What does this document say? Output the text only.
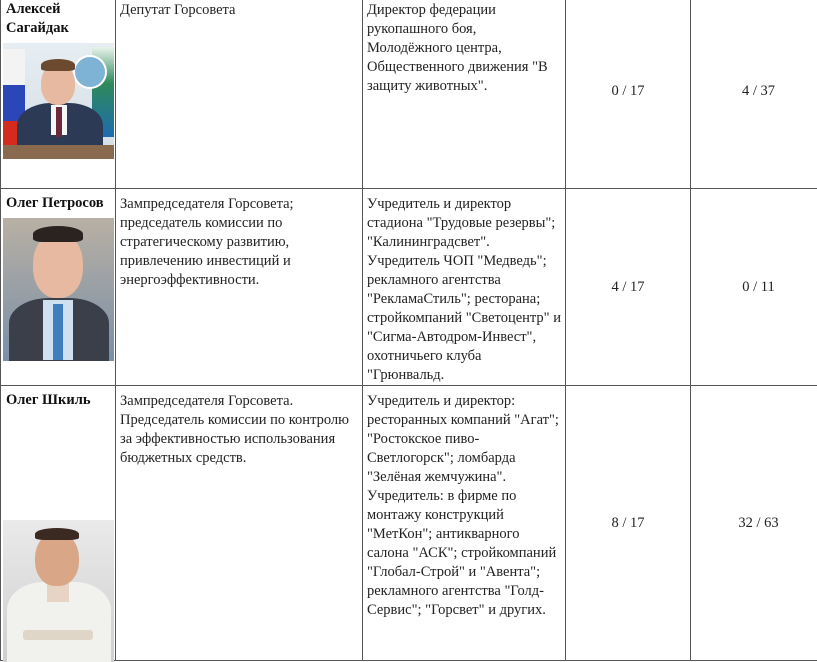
Алексей Сагайдак	Депутат Горсовета	Директор федерации рукопашного боя, Молодёжного центра, Общественного движения "В защиту животных".	0 / 17	4 / 37

Олег Петросов	Зампредседателя Горсовета; председатель комиссии по стратегическому развитию, привлечению инвестиций и энергоэффективности.	Учредитель и директор стадиона "Трудовые резервы"; "Калининградсвет". Учредитель ЧОП "Медведь"; рекламного агентства "РекламаСтиль"; ресторана; стройкомпаний "Светоцентр" и "Сигма-Автодром-Инвест", охотничьего клуба "Грюнвальд.	4 / 17	0 / 11

Олег Шкиль	Зампредседателя Горсовета. Председатель комиссии по контролю за эффективностью использования бюджетных средств.	Учредитель и директор: ресторанных компаний "Агат"; "Ростокское пиво-Светлогорск"; ломбарда "Зелёная жемчужина". Учредитель: в фирме по монтажу конструкций "МетКон"; антикварного салона "АСК"; стройкомпаний "Глобал-Строй" и "Авента"; рекламного агентства "Голд-Сервис"; "Горсвет" и других.	8 / 17	32 / 63
